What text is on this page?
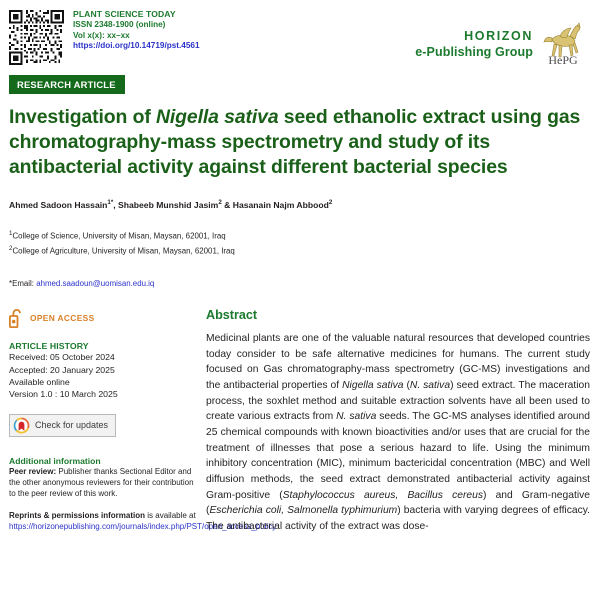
PLANT SCIENCE TODAY
ISSN 2348-1900 (online)
Vol x(x): xx–xx
https://doi.org/10.14719/pst.4561
HORIZON
e-Publishing Group
HePG
RESEARCH ARTICLE
Investigation of Nigella sativa seed ethanolic extract using gas chromatography-mass spectrometry and study of its antibacterial activity against different bacterial species
Ahmed Sadoon Hassain$^{1*}$, Shabeeb Munshid Jasim$^2$ & Hasanain Najm Abbood$^2$
$^1$College of Science, University of Misan, Maysan, 62001, Iraq
$^2$College of Agriculture, University of Misan, Maysan, 62001, Iraq
*Email: ahmed.saadoun@uomisan.edu.iq
OPEN ACCESS
ARTICLE HISTORY
Received: 05 October 2024
Accepted: 20 January 2025
Available online
Version 1.0 : 10 March 2025
Check for updates
Additional information
Peer review: Publisher thanks Sectional Editor and the other anonymous reviewers for their contribution to the peer review of this work.
Reprints & permissions information is available at https://horizonepublishing.com/journals/index.php/PST/open_access_policy
Abstract
Medicinal plants are one of the valuable natural resources that developed countries today consider to be safe alternative medicines for humans. The current study focused on Gas chromatography-mass spectrometry (GC-MS) investigations and the antibacterial properties of Nigella sativa (N. sativa) seed extract. The maceration process, the soxhlet method and suitable extraction solvents have all been used to create various extracts from N. sativa seeds. The GC-MS analyses identified around 25 chemical compounds with known bioactivities and/or uses that are crucial for the treatment of illnesses that pose a serious hazard to life. Using the minimum inhibitory concentration (MIC), minimum bactericidal concentration (MBC) and Well diffusion methods, the seed extract demonstrated antibacterial activity against Gram-positive (Staphylococcus aureus, Bacillus cereus) and Gram-negative (Escherichia coli, Salmonella typhimurium) bacteria with varying degrees of efficacy. The antibacterial activity of the extract was dose-
